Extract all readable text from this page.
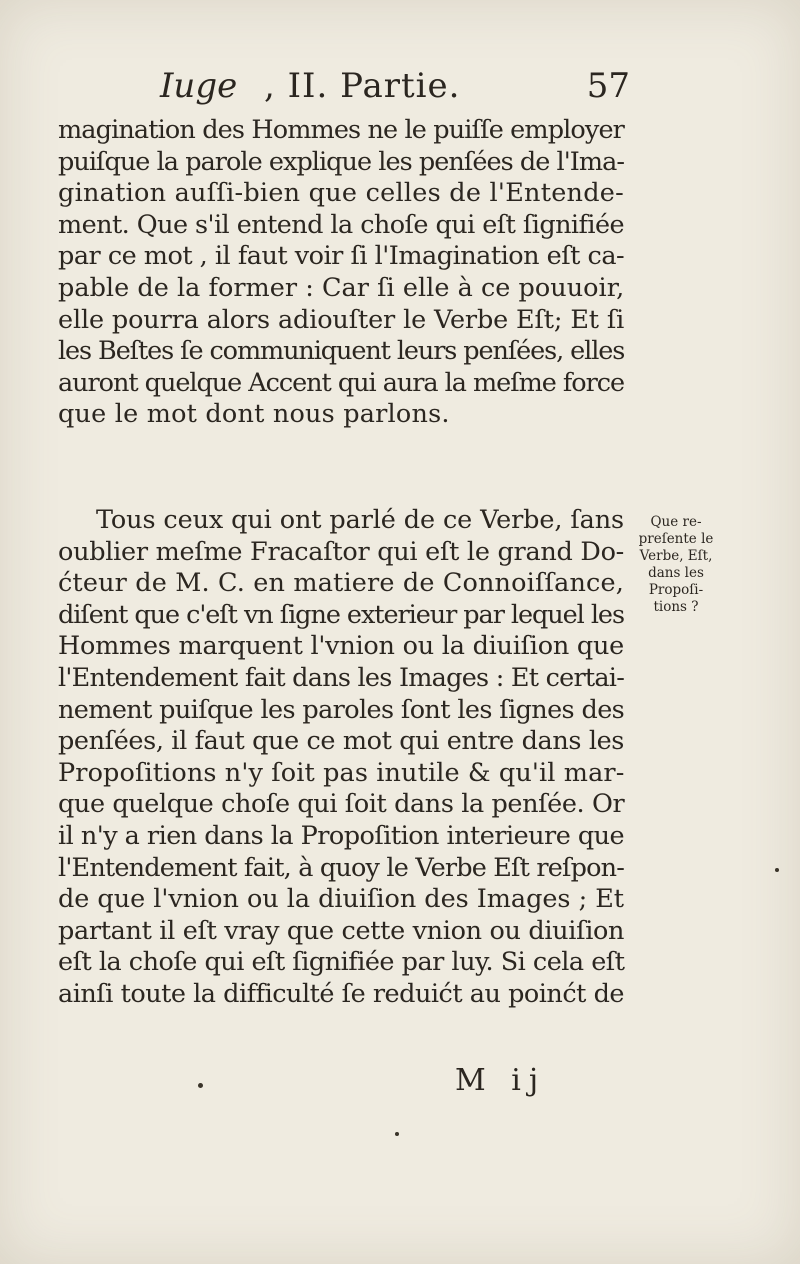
Iuge , II. Partie.	57
magination des Hommes ne le puiſſe employer
puiſque la parole explique les penſées de l'Ima-
gination auſſi-bien que celles de l'Entende-
ment. Que s'il entend la choſe qui eſt ſignifiée
par ce mot , il faut voir ſi l'Imagination eſt ca-
pable de la former : Car ſi elle à ce pouuoir,
elle pourra alors adiouſter le Verbe Eſt; Et ſi
les Beſtes ſe communiquent leurs penſées, elles
auront quelque Accent qui aura la meſme force
que le mot dont nous parlons.
Tous ceux qui ont parlé de ce Verbe, ſans
oublier meſme Fracaſtor qui eſt le grand Do-
ćteur de M. C. en matiere de Connoiſſance,
diſent que c'eſt vn ſigne exterieur par lequel les
Hommes marquent l'vnion ou la diuiſion que
l'Entendement fait dans les Images : Et certai-
nement puiſque les paroles ſont les ſignes des
penſées, il faut que ce mot qui entre dans les
Propoſitions n'y ſoit pas inutile & qu'il mar-
que quelque choſe qui ſoit dans la penſée. Or
il n'y a rien dans la Propoſition interieure que
l'Entendement fait, à quoy le Verbe Eſt reſpon-
de que l'vnion ou la diuiſion des Images ; Et
partant il eſt vray que cette vnion ou diuiſion
eſt la choſe qui eſt ſignifiée par luy. Si cela eſt
ainſi toute la difficulté ſe reduićt au poinćt de
Que re-
preſente le
Verbe, Eſt,
dans les
Propoſi-
tions ?
M ij
